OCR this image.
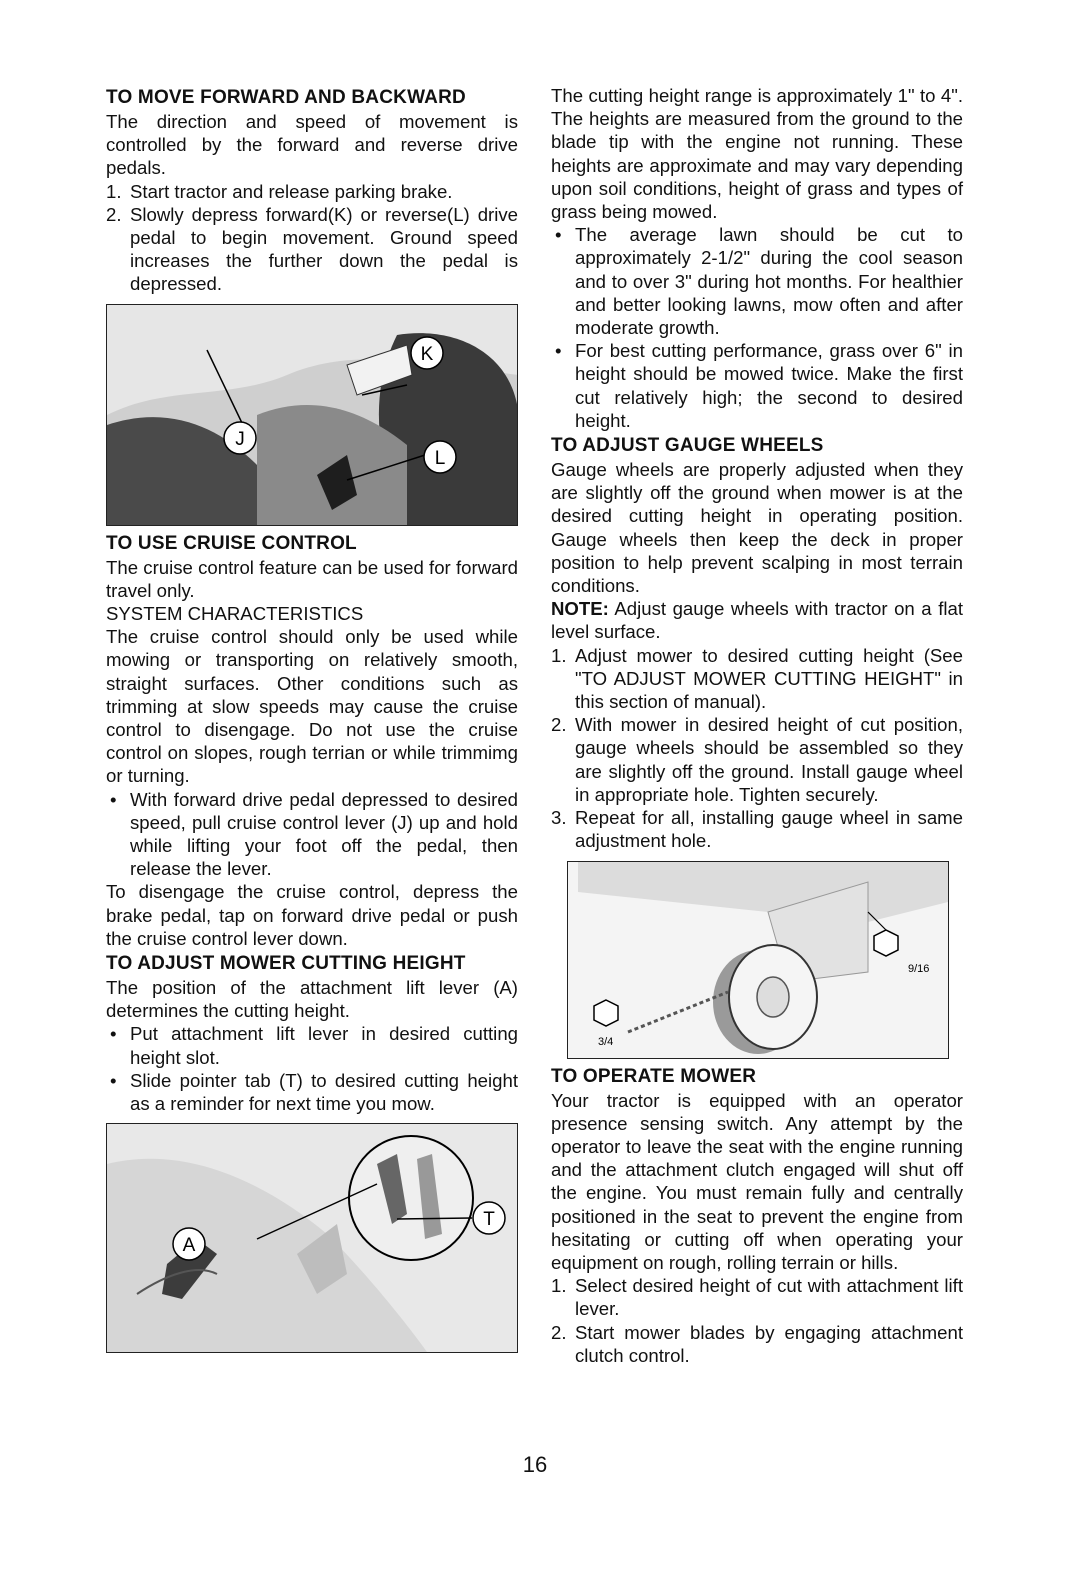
TO MOVE FORWARD AND BACKWARD

The direction and speed of movement is controlled by the forward and reverse drive pedals.

1. Start tractor and release parking brake.
2. Slowly depress forward(K) or reverse(L) drive pedal to begin movement. Ground speed increases the further down the pedal is depressed.
K
J
L
TO USE CRUISE CONTROL

The cruise control feature can be used for forward travel only.

SYSTEM CHARACTERISTICS

The cruise control should only be used while mowing or transporting on relatively smooth, straight surfaces. Other conditions such as trimming at slow speeds may cause the cruise control to disengage. Do not use the cruise control on slopes, rough terrian or while trimmimg or turning.

• With forward drive pedal depressed to desired speed, pull cruise control lever (J) up and hold while lifting your foot off the pedal, then release the lever.

To disengage the cruise control, depress the brake pedal, tap on forward drive pedal or push the cruise control lever down.

TO ADJUST MOWER CUTTING HEIGHT

The position of the attachment lift lever (A) determines the cutting height.

• Put attachment lift lever in desired cutting height slot.
• Slide pointer tab (T) to desired cutting height as a reminder for next time you mow.
T
A

The cutting height range is approximately 1" to 4". The heights are measured from the ground to the blade tip with the engine not running. These heights are approximate and may vary depending upon soil conditions, height of grass and types of grass being mowed.

• The average lawn should be cut to approximately 2-1/2" during the cool season and to over 3" during hot months. For healthier and better looking lawns, mow often and after moderate growth.
• For best cutting performance, grass over 6" in height should be mowed twice. Make the first cut relatively high; the second to desired height.
TO ADJUST GAUGE WHEELS

Gauge wheels are properly adjusted when they are slightly off the ground when mower is at the desired cutting height in operating position. Gauge wheels then keep the deck in proper position to help prevent scalping in most terrain conditions.

NOTE: Adjust gauge wheels with tractor on a flat level surface.

1. Adjust mower to desired cutting height (See "TO ADJUST MOWER CUTTING HEIGHT" in this section of manual).
2. With mower in desired height of cut position, gauge wheels should be assembled so they are slightly off the ground. Install gauge wheel in appropriate hole. Tighten securely.
3. Repeat for all, installing gauge wheel in same adjustment hole.
9/16
3/4
TO OPERATE MOWER

Your tractor is equipped with an operator presence sensing switch. Any attempt by the operator to leave the seat with the engine running and the attachment clutch engaged will shut off the engine. You must remain fully and centrally positioned in the seat to prevent the engine from hesitating or cutting off when operating your equipment on rough, rolling terrain or hills.

1. Select desired height of cut with attachment lift lever.
2. Start mower blades by engaging attachment clutch control.
16
